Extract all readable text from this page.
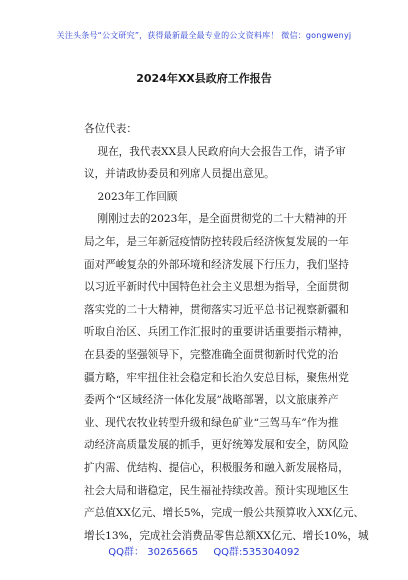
关注头条号“公文研究”，获得最新最全最专业的公文资料库！ 微信：gongwenyj
2024年XX县政府工作报告
各位代表：
现在，我代表XX县人民政府向大会报告工作，请予审
议，并请政协委员和列席人员提出意见。
2023年工作回顾
刚刚过去的2023年，是全面贯彻党的二十大精神的开
局之年，是三年新冠疫情防控转段后经济恢复发展的一年
面对严峻复杂的外部环境和经济发展下行压力，我们坚持
以习近平新时代中国特色社会主义思想为指导，全面贯彻
落实党的二十大精神，贯彻落实习近平总书记视察新疆和
听取自治区、兵团工作汇报时的重要讲话重要指示精神，
在县委的坚强领导下，完整准确全面贯彻新时代党的治
疆方略，牢牢扭住社会稳定和长治久安总目标，聚焦州党
委两个“区域经济一体化发展”战略部署，以文旅康养产
业、现代农牧业转型升级和绿色矿业“三驾马车”作为推
动经济高质量发展的抓手，更好统筹发展和安全，防风险
扩内需、优结构、提信心，积极服务和融入新发展格局，
社会大局和谐稳定，民生福祉持续改善。预计实现地区生
产总值XX亿元、增长5%，完成一般公共预算收入XX亿元、
增长13%，完成社会消费品零售总额XX亿元、增长10%，城
QQ群： 30265665 QQ群:535304092
